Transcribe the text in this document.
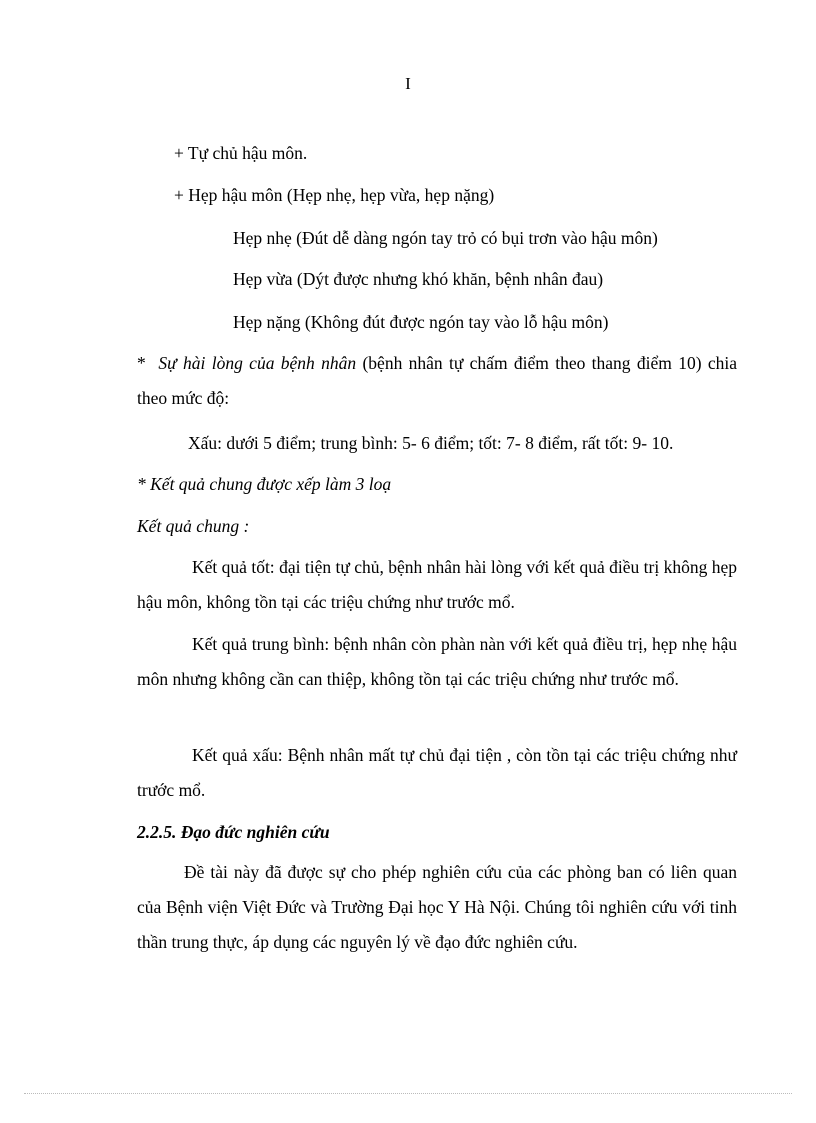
I
+ Tự chủ hậu môn.
+ Hẹp hậu môn (Hẹp nhẹ, hẹp vừa, hẹp nặng)
Hẹp nhẹ (Đút dễ dàng ngón tay trỏ có bụi trơn vào hậu môn)
Hẹp vừa (Dýt được nhưng khó khăn, bệnh nhân đau)
Hẹp nặng (Không đút được ngón tay vào lỗ hậu môn)
* Sự hài lòng của bệnh nhân (bệnh nhân tự chấm điểm theo thang điểm 10) chia theo mức độ:
Xấu: dưới 5 điểm; trung bình: 5- 6 điểm; tốt: 7- 8 điểm, rất tốt: 9- 10.
* Kết quả chung được xếp làm 3 loạ
Kết quả chung :
Kết quả tốt: đại tiện tự chủ, bệnh nhân hài lòng với kết quả điều trị không hẹp hậu môn, không tồn tại các triệu chứng như trước mổ.
Kết quả trung bình: bệnh nhân còn phàn nàn với kết quả điều trị, hẹp nhẹ hậu môn nhưng không cần can thiệp, không tồn tại các triệu chứng như trước mổ.
Kết quả xấu: Bệnh nhân mất tự chủ đại tiện , còn tồn tại các triệu chứng như trước mổ.
2.2.5. Đạo đức nghiên cứu
Đề tài này đã được sự cho phép nghiên cứu của các phòng ban có liên quan của Bệnh viện Việt Đức và Trường Đại học Y Hà Nội. Chúng tôi nghiên cứu với tinh thần trung thực, áp dụng các nguyên lý về đạo đức nghiên cứu.
